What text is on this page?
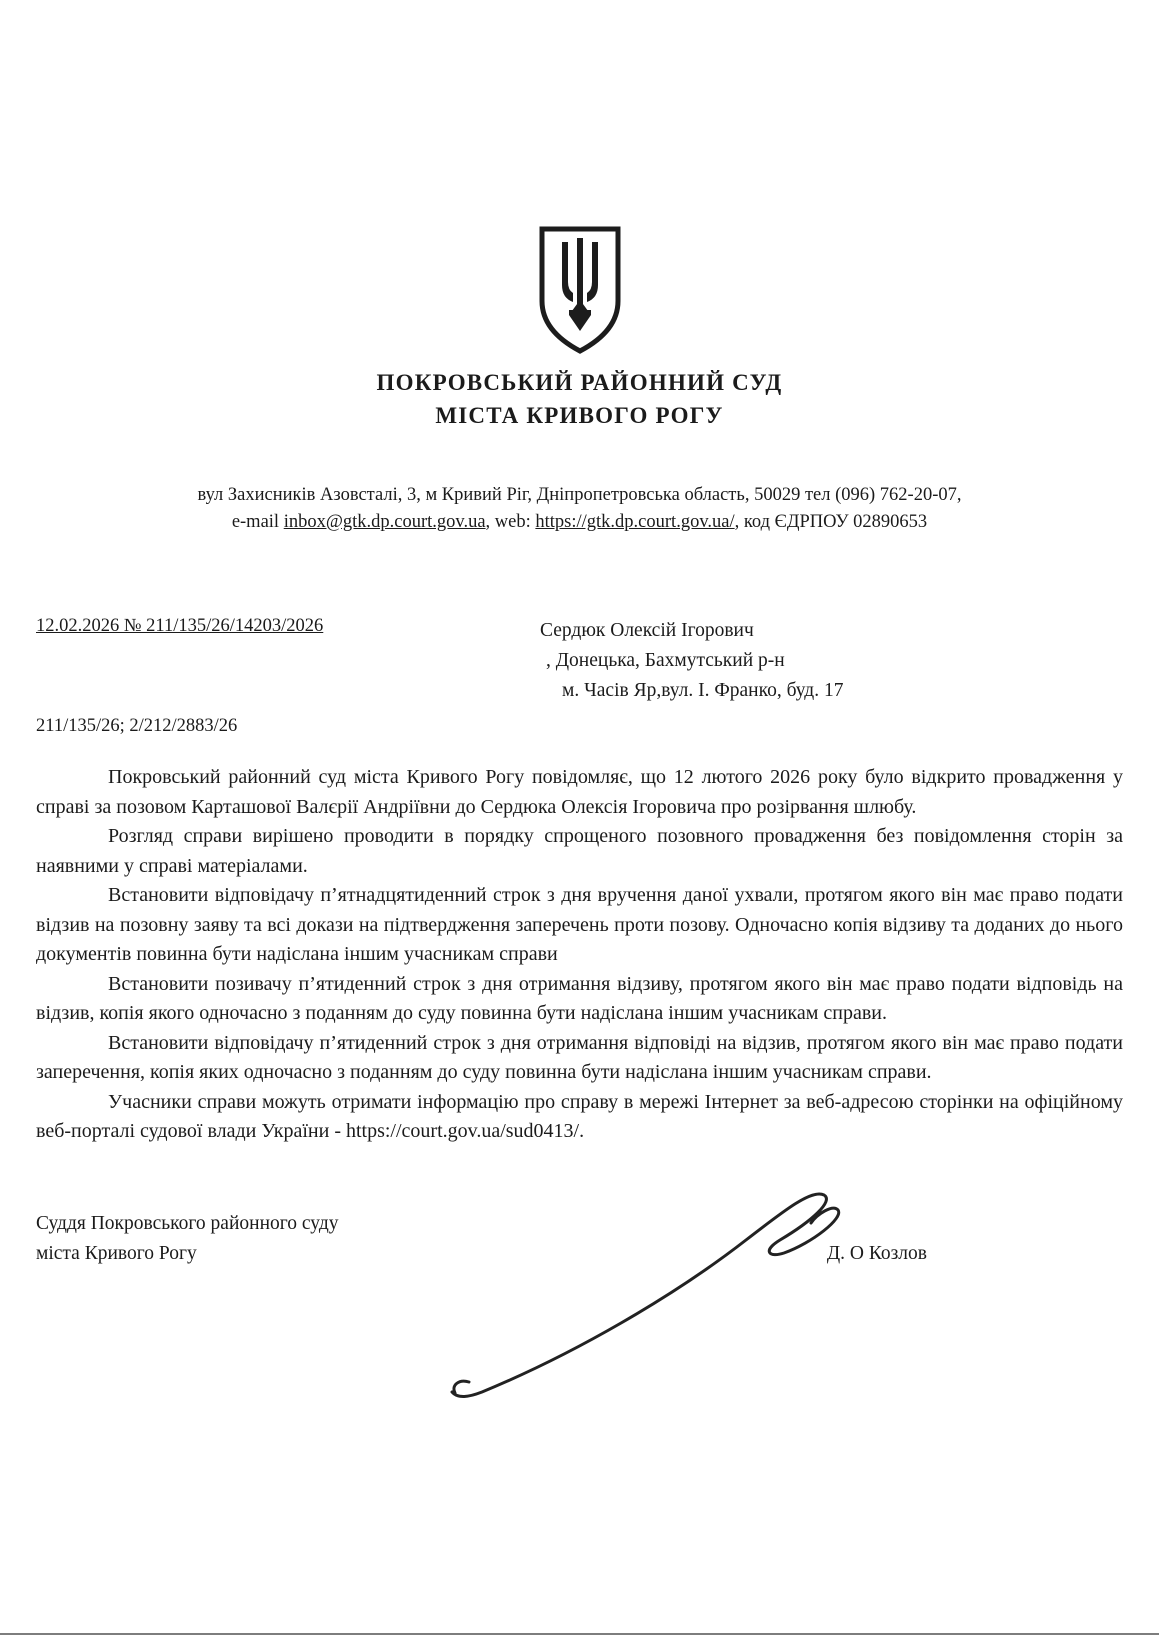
ПОКРОВСЬКИЙ РАЙОННИЙ СУД
МІСТА КРИВОГО РОГУ
вул Захисників Азовсталі, 3, м Кривий Ріг, Дніпропетровська область, 50029 тел (096) 762-20-07,
e-mail inbox@gtk.dp.court.gov.ua, web: https://gtk.dp.court.gov.ua/, код ЄДРПОУ 02890653
12.02.2026 № 211/135/26/14203/2026	Сердюк Олексій Ігорович
, Донецька, Бахмутський р-н
м. Часів Яр,вул. І. Франко, буд. 17
211/135/26; 2/212/2883/26

Покровський районний суд міста Кривого Рогу повідомляє, що 12 лютого 2026 року було відкрито провадження у справі за позовом Карташової Валєрії Андріївни до Сердюка Олексія Ігоровича про розірвання шлюбу.

Розгляд справи вирішено проводити в порядку спрощеного позовного провадження без повідомлення сторін за наявними у справі матеріалами.

Встановити відповідачу п’ятнадцятиденний строк з дня вручення даної ухвали, протягом якого він має право подати відзив на позовну заяву та всі докази на підтвердження заперечень проти позову. Одночасно копія відзиву та доданих до нього документів повинна бути надіслана іншим учасникам справи

Встановити позивачу п’ятиденний строк з дня отримання відзиву, протягом якого він має право подати відповідь на відзив, копія якого одночасно з поданням до суду повинна бути надіслана іншим учасникам справи.

Встановити відповідачу п’ятиденний строк з дня отримання відповіді на відзив, протягом якого він має право подати заперечення, копія яких одночасно з поданням до суду повинна бути надіслана іншим учасникам справи.

Учасники справи можуть отримати інформацію про справу в мережі Інтернет за веб-адресою сторінки на офіційному веб-порталі судової влади України - https://court.gov.ua/sud0413/.

Суддя Покровського районного суду
міста Кривого Рогу	Д. О Козлов
